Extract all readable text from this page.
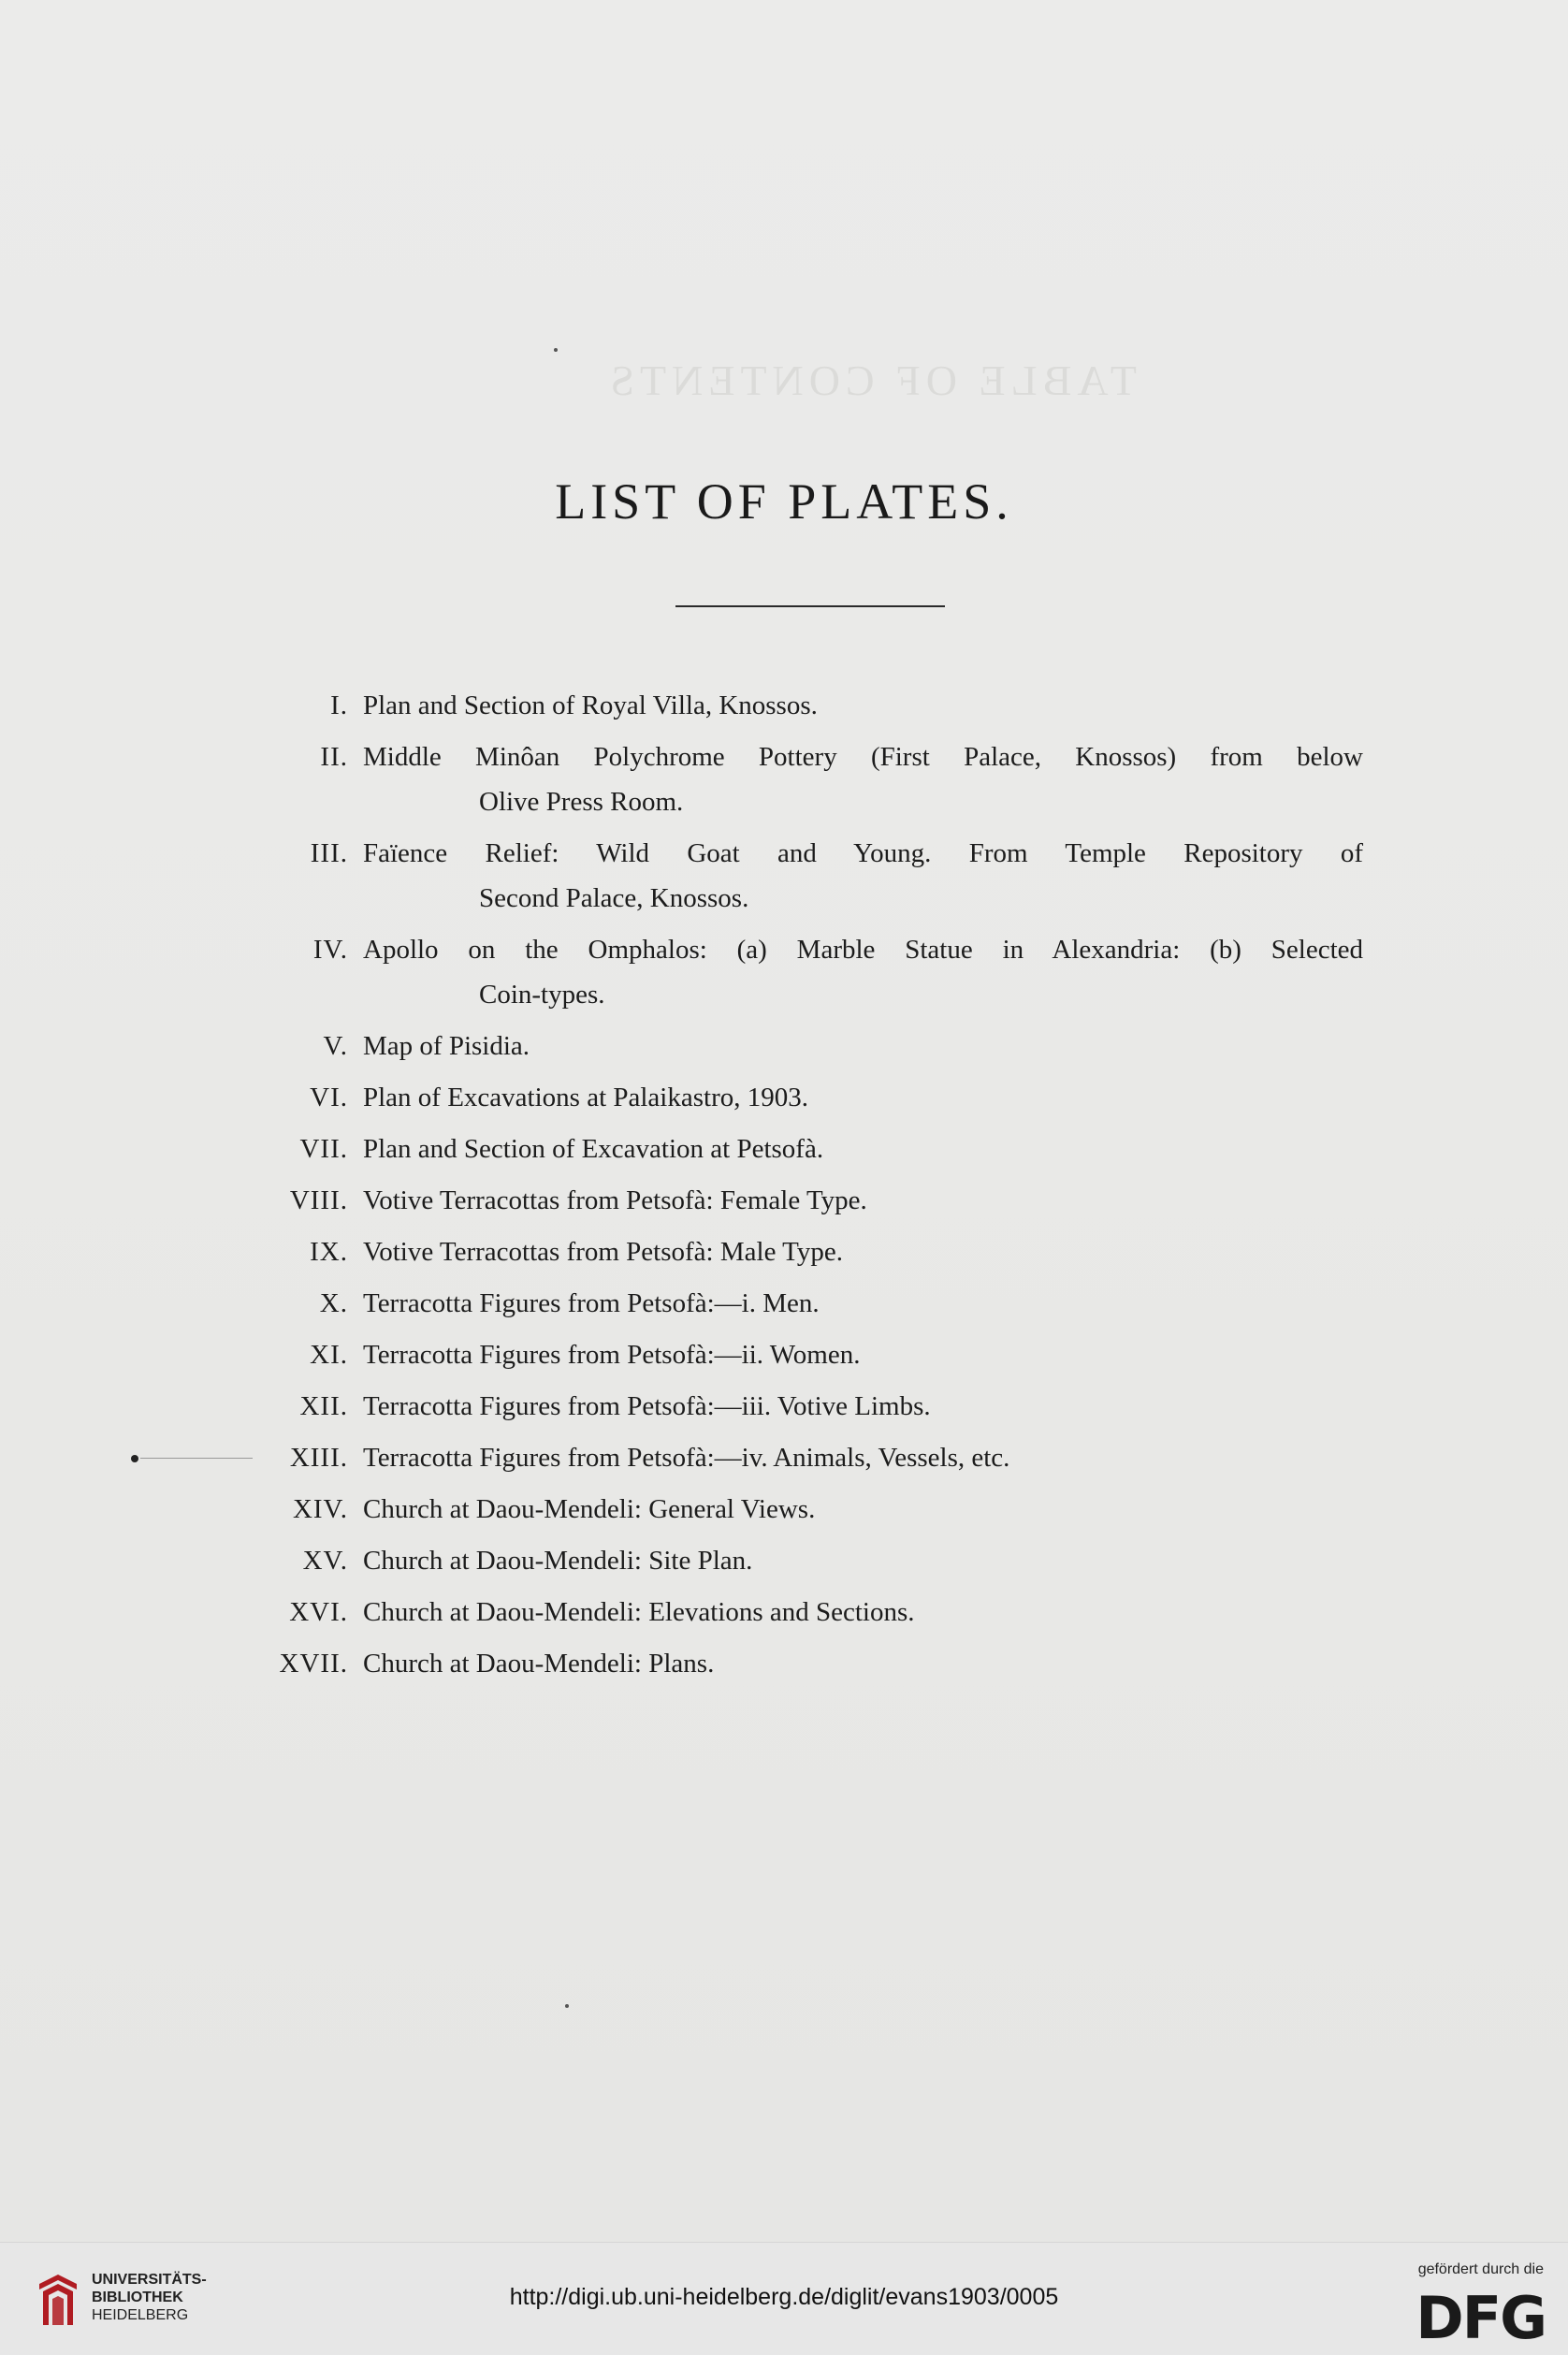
TABLE OF CONTENTS
LIST OF PLATES.
I. Plan and Section of Royal Villa, Knossos.
II. Middle Minôan Polychrome Pottery (First Palace, Knossos) from below
Olive Press Room.
III. Faïence Relief: Wild Goat and Young. From Temple Repository of
Second Palace, Knossos.
IV. Apollo on the Omphalos: (a) Marble Statue in Alexandria: (b) Selected
Coin-types.
V. Map of Pisidia.
VI. Plan of Excavations at Palaikastro, 1903.
VII. Plan and Section of Excavation at Petsofà.
VIII. Votive Terracottas from Petsofà: Female Type.
IX. Votive Terracottas from Petsofà: Male Type.
X. Terracotta Figures from Petsofà:—i. Men.
XI. Terracotta Figures from Petsofà:—ii. Women.
XII. Terracotta Figures from Petsofà:—iii. Votive Limbs.
XIII. Terracotta Figures from Petsofà:—iv. Animals, Vessels, etc.
XIV. Church at Daou-Mendeli: General Views.
XV. Church at Daou-Mendeli: Site Plan.
XVI. Church at Daou-Mendeli: Elevations and Sections.
XVII. Church at Daou-Mendeli: Plans.
UNIVERSITÄTS-
BIBLIOTHEK
HEIDELBERG
http://digi.ub.uni-heidelberg.de/diglit/evans1903/0005
gefördert durch die
DFG
